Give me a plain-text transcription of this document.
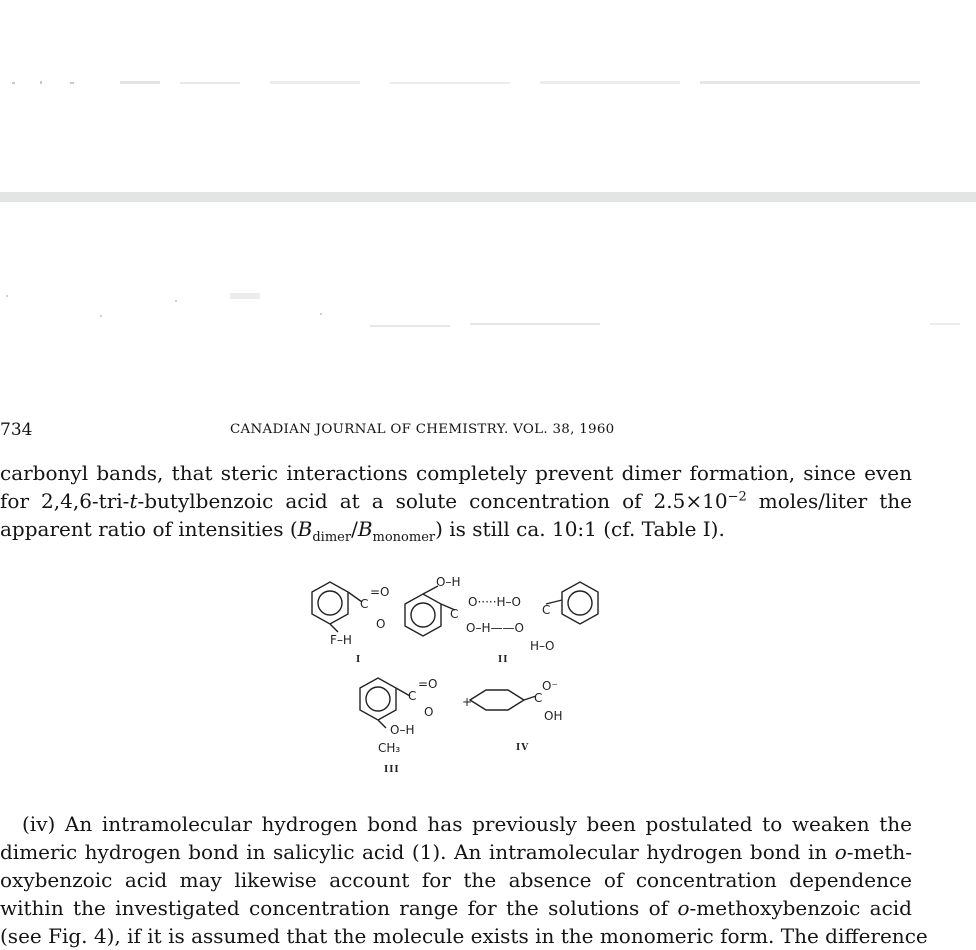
734	CANADIAN JOURNAL OF CHEMISTRY. VOL. 38, 1960
carbonyl bands, that steric interactions completely prevent dimer formation, since even
for 2,4,6-tri-t-butylbenzoic acid at a solute concentration of $2.5\times 10^{-2}$ moles/liter the
apparent ratio of intensities $(B_{dimer}/B_{monomer})$ is still ca. 10:1 (cf. Table I).
C
=O
O
F–H
I
O–H
C
O·····H–O
O–H——O
C
H–O
II
C
=O
O
O–H
CH₃
III
+	C
O⁻
OH
IV
(iv) An intramolecular hydrogen bond has previously been postulated to weaken the
dimeric hydrogen bond in salicylic acid (1). An intramolecular hydrogen bond in o-meth-
oxybenzoic acid may likewise account for the absence of concentration dependence
within the investigated concentration range for the solutions of o-methoxybenzoic acid
(see Fig. 4), if it is assumed that the molecule exists in the monomeric form. The difference
